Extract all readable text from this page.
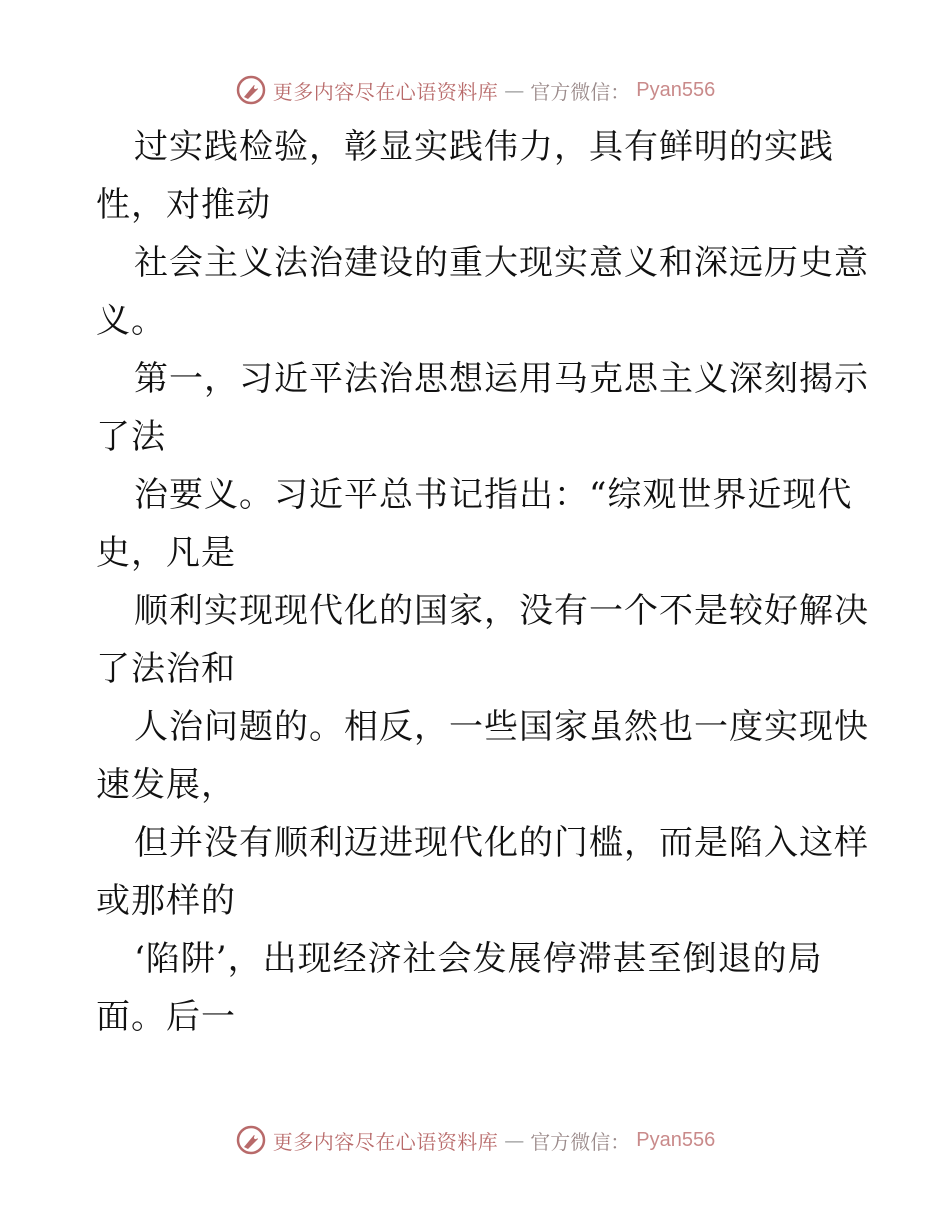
更多内容尽在心语资料库 — 官方微信： Pyan556

过实践检验，彰显实践伟力，具有鲜明的实践
性，对推动
社会主义法治建设的重大现实意义和深远历史意
义。
第一，习近平法治思想运用马克思主义深刻揭示
了法
治要义。习近平总书记指出：“综观世界近现代
史，凡是
顺利实现现代化的国家，没有一个不是较好解决
了法治和
人治问题的。相反，一些国家虽然也一度实现快
速发展，
但并没有顺利迈进现代化的门槛，而是陷入这样
或那样的
‘陷阱’，出现经济社会发展停滞甚至倒退的局
面。后一

更多内容尽在心语资料库 — 官方微信： Pyan556
